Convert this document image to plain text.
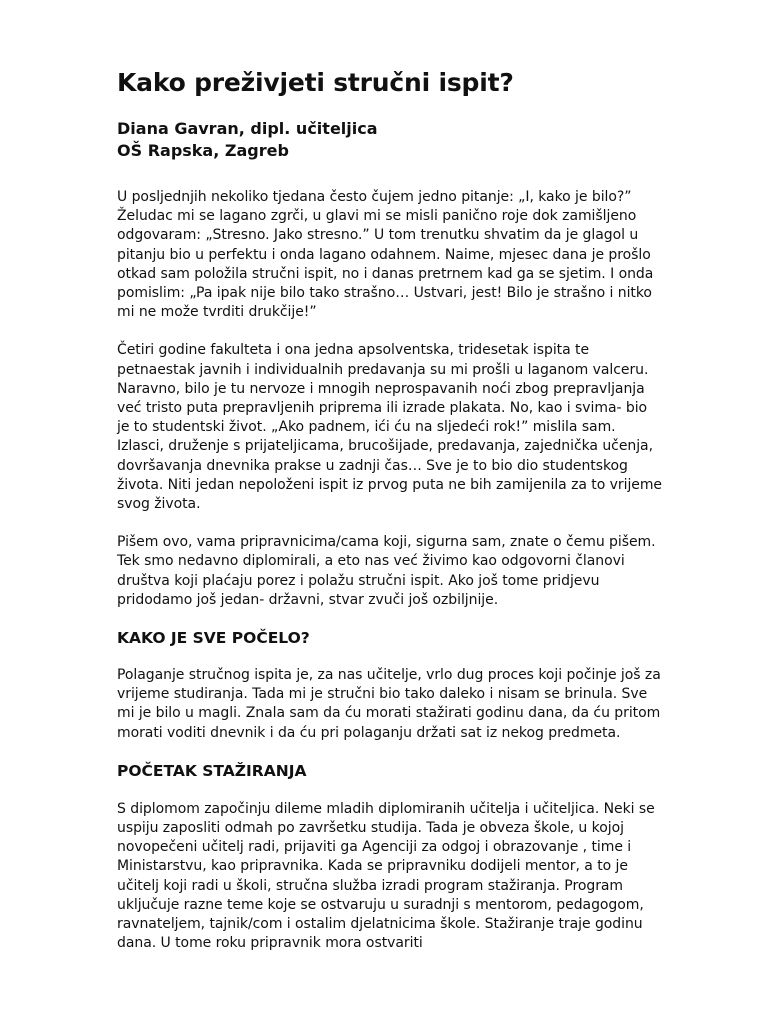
Kako preživjeti stručni ispit?
Diana Gavran, dipl. učiteljica
OŠ Rapska, Zagreb

U posljednjih nekoliko tjedana često čujem jedno pitanje: „I, kako je bilo?” Želudac mi se lagano zgrči, u glavi mi se misli panično roje dok zamišljeno odgovaram: „Stresno. Jako stresno.” U tom trenutku shvatim da je glagol u pitanju bio u perfektu i onda lagano odahnem. Naime, mjesec dana je prošlo otkad sam položila stručni ispit, no i danas pretrnem kad ga se sjetim. I onda pomislim: „Pa ipak nije bilo tako strašno… Ustvari, jest! Bilo je strašno i nitko mi ne može tvrditi drukčije!”

Četiri godine fakulteta i ona jedna apsolventska, tridesetak ispita te petnaestak javnih i individualnih predavanja su mi prošli u laganom valceru. Naravno, bilo je tu nervoze i mnogih neprospavanih noći zbog prepravljanja već tristo puta prepravljenih priprema ili izrade plakata. No, kao i svima- bio je to studentski život. „Ako padnem, ići ću na sljedeći rok!” mislila sam. Izlasci, druženje s prijateljicama, brucošijade, predavanja, zajednička učenja, dovršavanja dnevnika prakse u zadnji čas… Sve je to bio dio studentskog života. Niti jedan nepoloženi ispit iz prvog puta ne bih zamijenila za to vrijeme svog života.

Pišem ovo, vama pripravnicima/cama koji, sigurna sam, znate o čemu pišem. Tek smo nedavno diplomirali, a eto nas već živimo kao odgovorni članovi društva koji plaćaju porez i polažu stručni ispit. Ako još tome pridjevu pridodamo još jedan- državni, stvar zvuči još ozbiljnije.

KAKO JE SVE POČELO?

Polaganje stručnog ispita je, za nas učitelje, vrlo dug proces koji počinje još za vrijeme studiranja. Tada mi je stručni bio tako daleko i nisam se brinula. Sve mi je bilo u magli. Znala sam da ću morati stažirati godinu dana, da ću pritom morati voditi dnevnik i da ću pri polaganju držati sat iz nekog predmeta.

POČETAK STAŽIRANJA

S diplomom započinju dileme mladih diplomiranih učitelja i učiteljica. Neki se uspiju zaposliti odmah po završetku studija. Tada je obveza škole, u kojoj novopečeni učitelj radi, prijaviti ga Agenciji za odgoj i obrazovanje , time i Ministarstvu, kao pripravnika. Kada se pripravniku dodijeli mentor, a to je učitelj koji radi u školi, stručna služba izradi program stažiranja. Program uključuje razne teme koje se ostvaruju u suradnji s mentorom, pedagogom, ravnateljem, tajnik/com i ostalim djelatnicima škole. Stažiranje traje godinu dana. U tome roku pripravnik mora ostvariti
